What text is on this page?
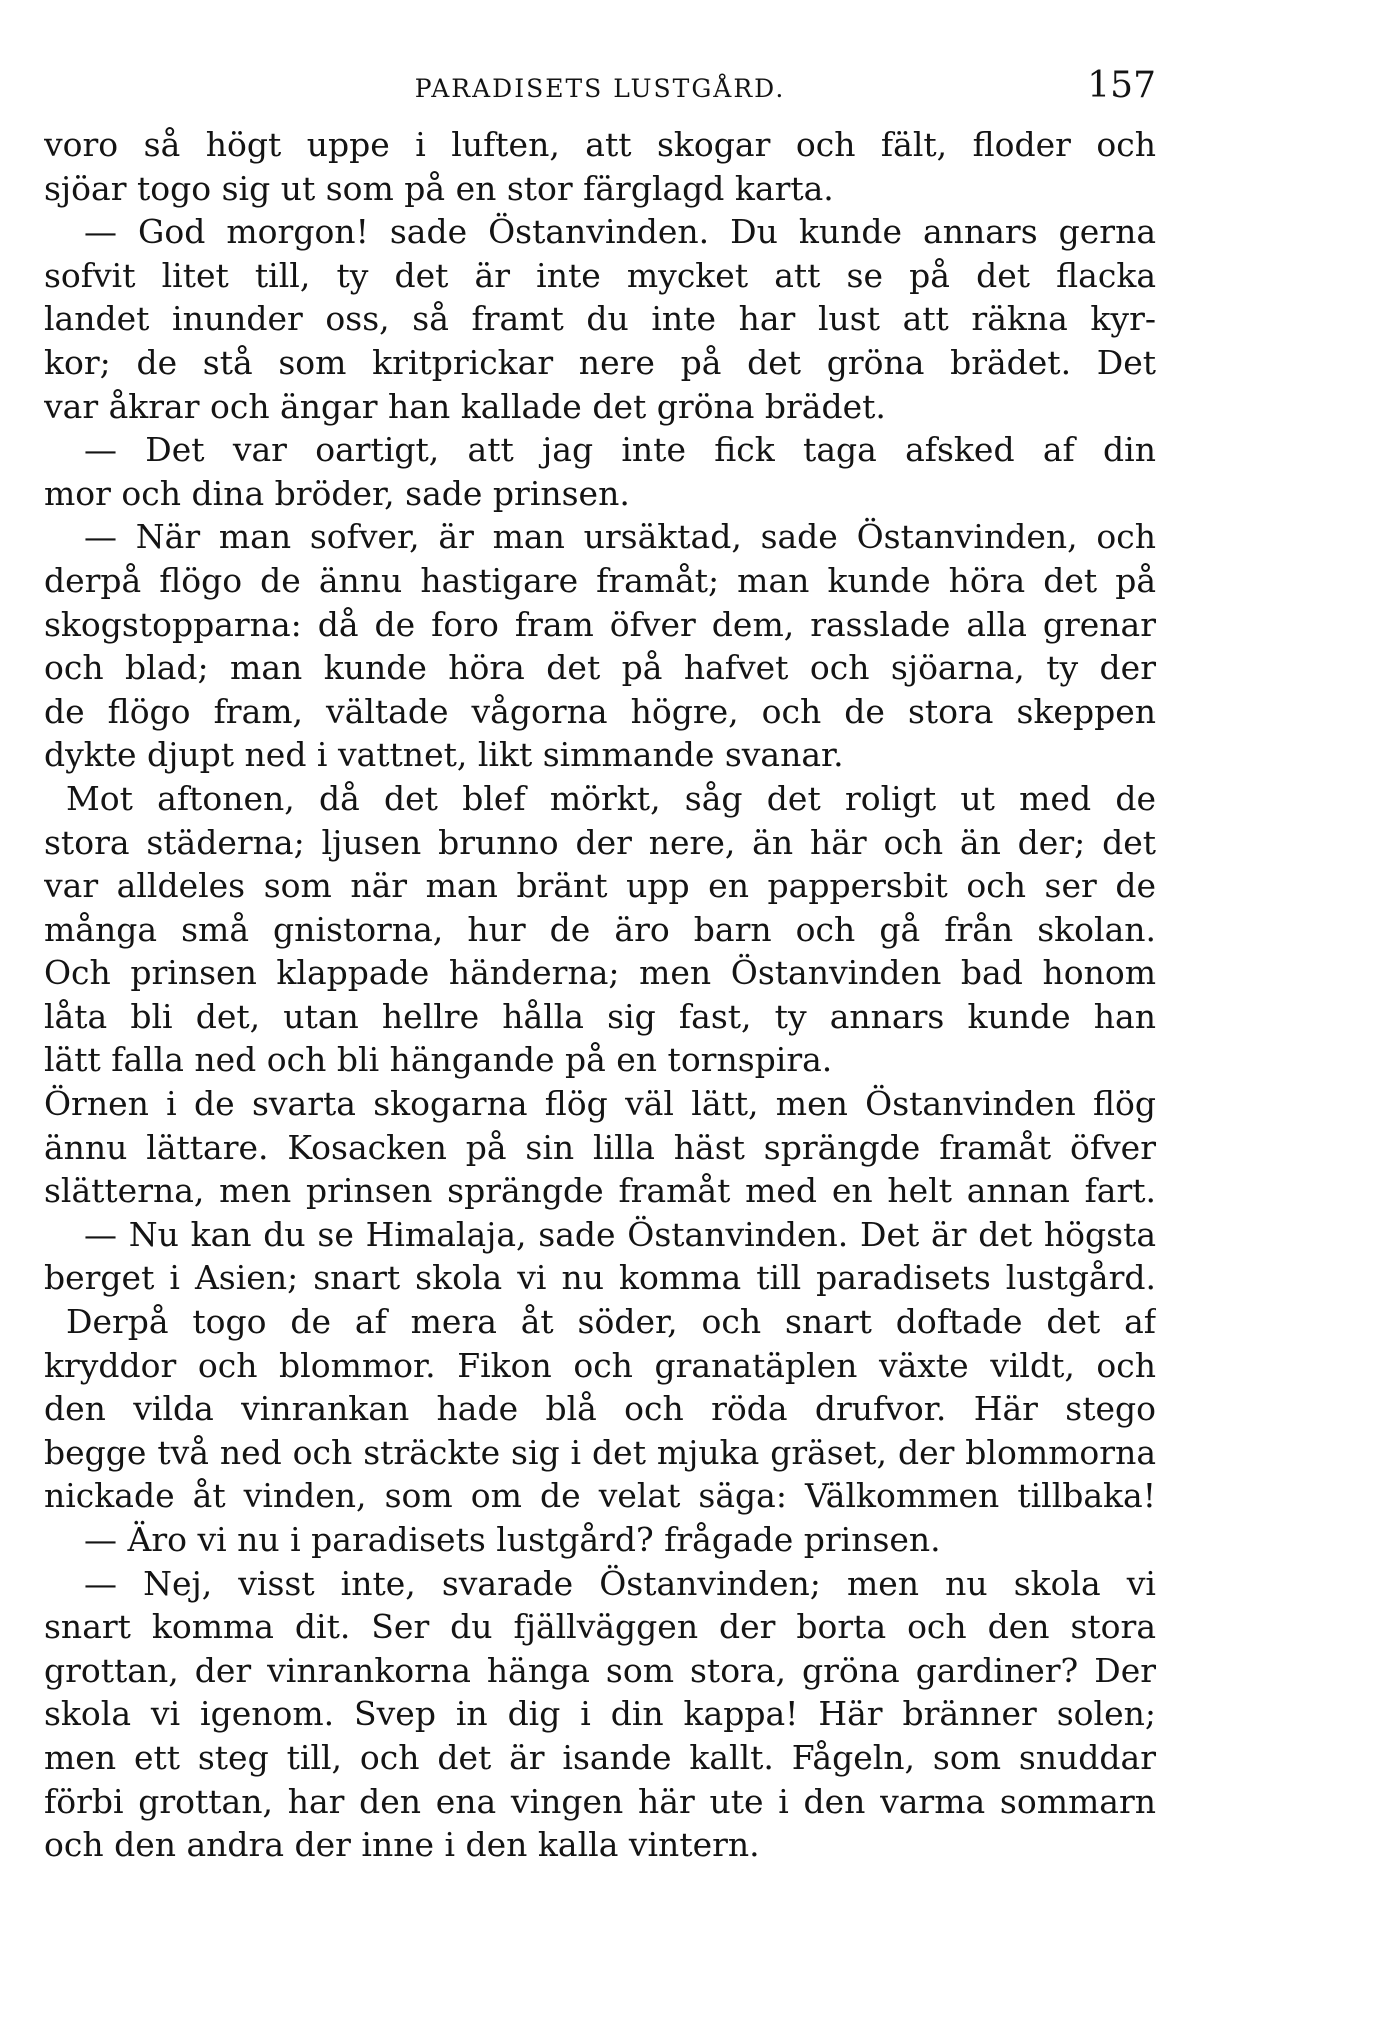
PARADISETS LUSTGÅRD.	157
voro så högt uppe i luften, att skogar och fält, floder och
sjöar togo sig ut som på en stor färglagd karta.
— God morgon! sade Östanvinden. Du kunde annars gerna
sofvit litet till, ty det är inte mycket att se på det flacka
landet inunder oss, så framt du inte har lust att räkna kyr-
kor; de stå som kritprickar nere på det gröna brädet. Det
var åkrar och ängar han kallade det gröna brädet.
— Det var oartigt, att jag inte fick taga afsked af din
mor och dina bröder, sade prinsen.
— När man sofver, är man ursäktad, sade Östanvinden, och
derpå flögo de ännu hastigare framåt; man kunde höra det på
skogstopparna: då de foro fram öfver dem, rasslade alla grenar
och blad; man kunde höra det på hafvet och sjöarna, ty der
de flögo fram, vältade vågorna högre, och de stora skeppen
dykte djupt ned i vattnet, likt simmande svanar.
Mot aftonen, då det blef mörkt, såg det roligt ut med de
stora städerna; ljusen brunno der nere, än här och än der; det
var alldeles som när man bränt upp en pappersbit och ser de
många små gnistorna, hur de äro barn och gå från skolan.
Och prinsen klappade händerna; men Östanvinden bad honom
låta bli det, utan hellre hålla sig fast, ty annars kunde han
lätt falla ned och bli hängande på en tornspira.
Örnen i de svarta skogarna flög väl lätt, men Östanvinden flög
ännu lättare. Kosacken på sin lilla häst sprängde framåt öfver
slätterna, men prinsen sprängde framåt med en helt annan fart.
— Nu kan du se Himalaja, sade Östanvinden. Det är det högsta
berget i Asien; snart skola vi nu komma till paradisets lustgård.
Derpå togo de af mera åt söder, och snart doftade det af
kryddor och blommor. Fikon och granatäplen växte vildt, och
den vilda vinrankan hade blå och röda drufvor. Här stego
begge två ned och sträckte sig i det mjuka gräset, der blommorna
nickade åt vinden, som om de velat säga: Välkommen tillbaka!
— Äro vi nu i paradisets lustgård? frågade prinsen.
— Nej, visst inte, svarade Östanvinden; men nu skola vi
snart komma dit. Ser du fjällväggen der borta och den stora
grottan, der vinrankorna hänga som stora, gröna gardiner? Der
skola vi igenom. Svep in dig i din kappa! Här bränner solen;
men ett steg till, och det är isande kallt. Fågeln, som snuddar
förbi grottan, har den ena vingen här ute i den varma sommarn
och den andra der inne i den kalla vintern.
